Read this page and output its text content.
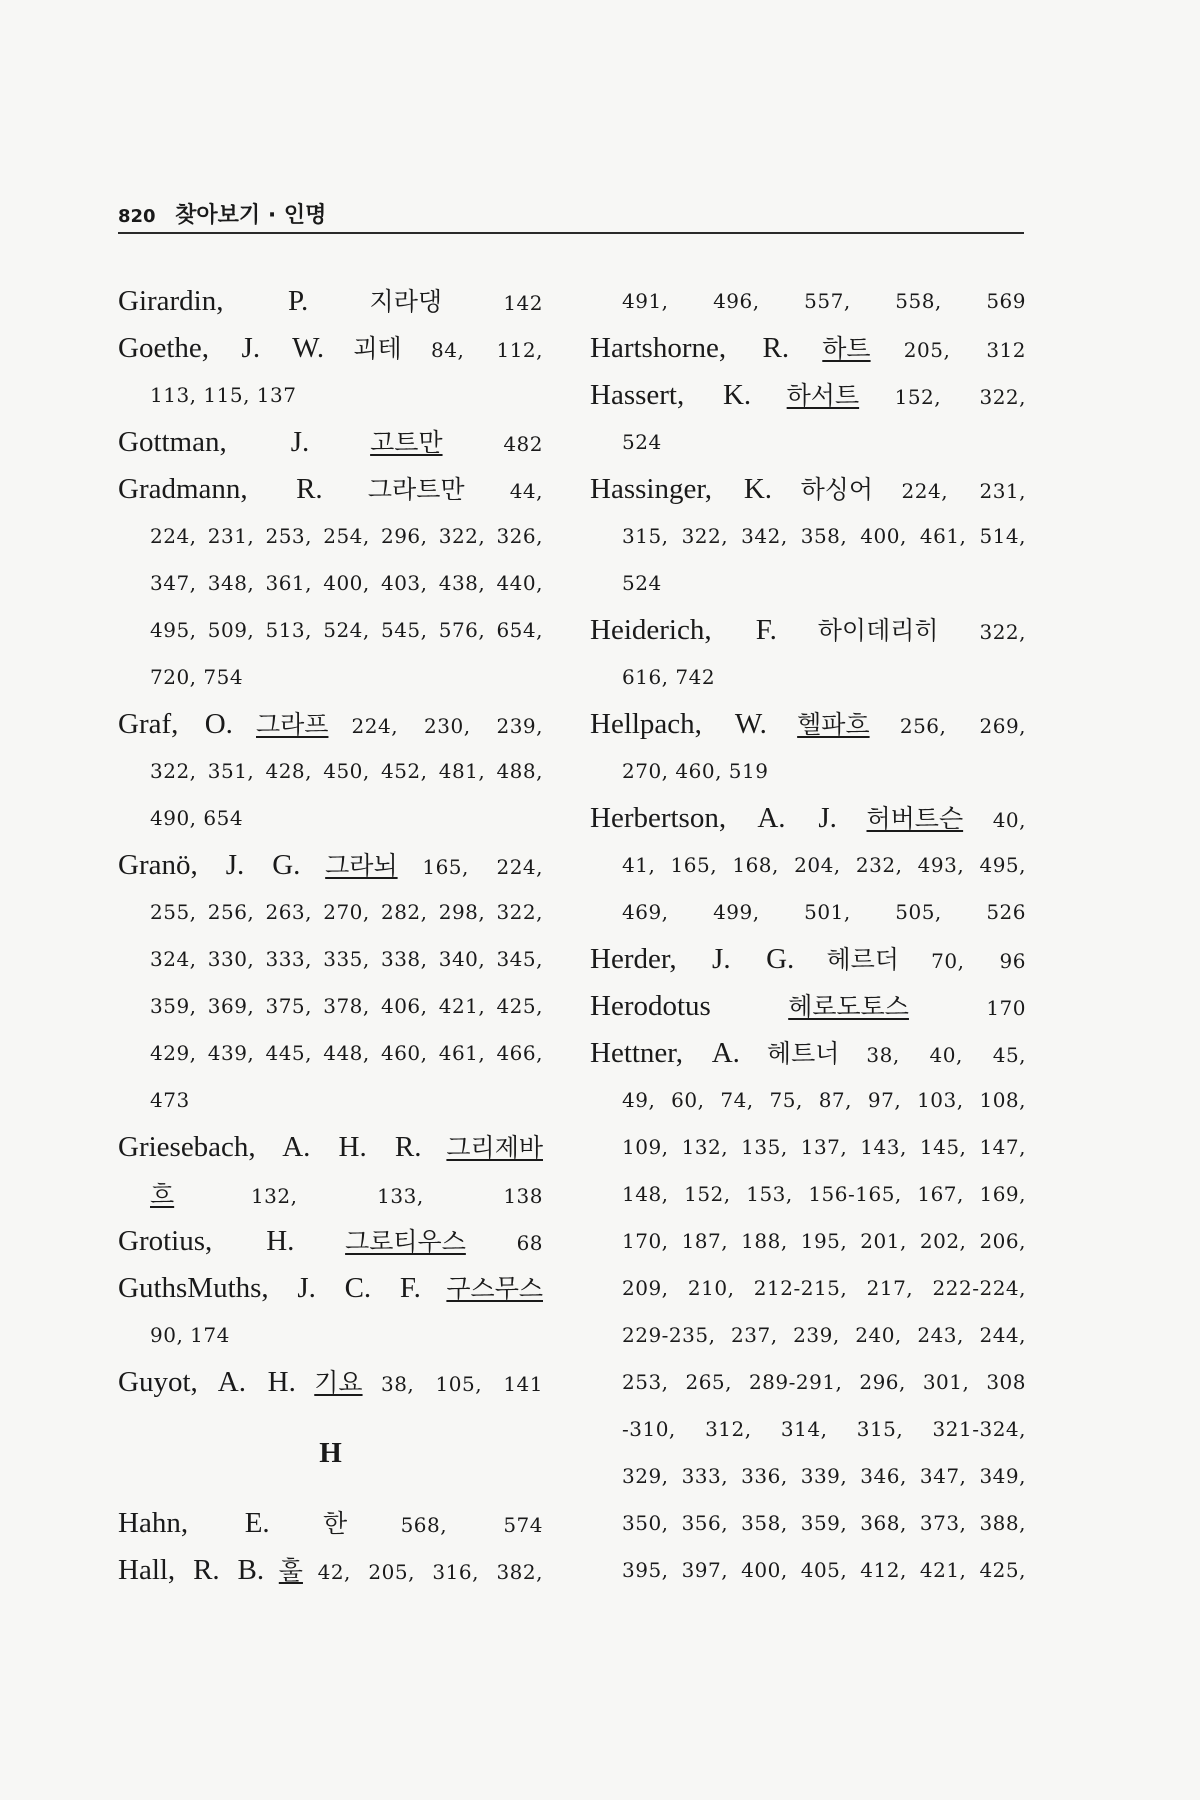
820 찾아보기 · 인명
Girardin, P. 지라댕	142
Goethe, J. W. 괴테 84, 112,
113, 115, 137
Gottman, J. 고트만	482
Gradmann, R. 그라트만 44,
224, 231, 253, 254, 296, 322, 326,
347, 348, 361, 400, 403, 438, 440,
495, 509, 513, 524, 545, 576, 654,
720, 754
Graf, O. 그라프 224, 230, 239,
322, 351, 428, 450, 452, 481, 488,
490, 654
Granö, J. G. 그라뇌 165, 224,
255, 256, 263, 270, 282, 298, 322,
324, 330, 333, 335, 338, 340, 345,
359, 369, 375, 378, 406, 421, 425,
429, 439, 445, 448, 460, 461, 466,
473
Griesebach, A. H. R. 그리제바
흐	132, 133, 138
Grotius, H. 그로티우스	68
GuthsMuths, J. C. F. 구스무스
90, 174
Guyot, A. H. 기요 38, 105, 141
H
Hahn, E. 한	568, 574
Hall, R. B. 훌 42, 205, 316, 382,
491, 496, 557, 558, 569
Hartshorne, R. 하트 205, 312
Hassert, K. 하서트 152, 322,
524
Hassinger, K. 하싱어 224, 231,
315, 322, 342, 358, 400, 461, 514,
524
Heiderich, F. 하이데리히 322,
616, 742
Hellpach, W. 헬파흐 256, 269,
270, 460, 519
Herbertson, A. J. 허버트슨 40,
41, 165, 168, 204, 232, 493, 495,
469, 499, 501, 505, 526
Herder, J. G. 헤르더 70, 96
Herodotus	헤로도토스	170
Hettner, A. 헤트너 38, 40, 45,
49, 60, 74, 75, 87, 97, 103, 108,
109, 132, 135, 137, 143, 145, 147,
148, 152, 153, 156-165, 167, 169,
170, 187, 188, 195, 201, 202, 206,
209, 210, 212-215, 217, 222-224,
229-235, 237, 239, 240, 243, 244,
253, 265, 289-291, 296, 301, 308
-310, 312, 314, 315, 321-324,
329, 333, 336, 339, 346, 347, 349,
350, 356, 358, 359, 368, 373, 388,
395, 397, 400, 405, 412, 421, 425,
